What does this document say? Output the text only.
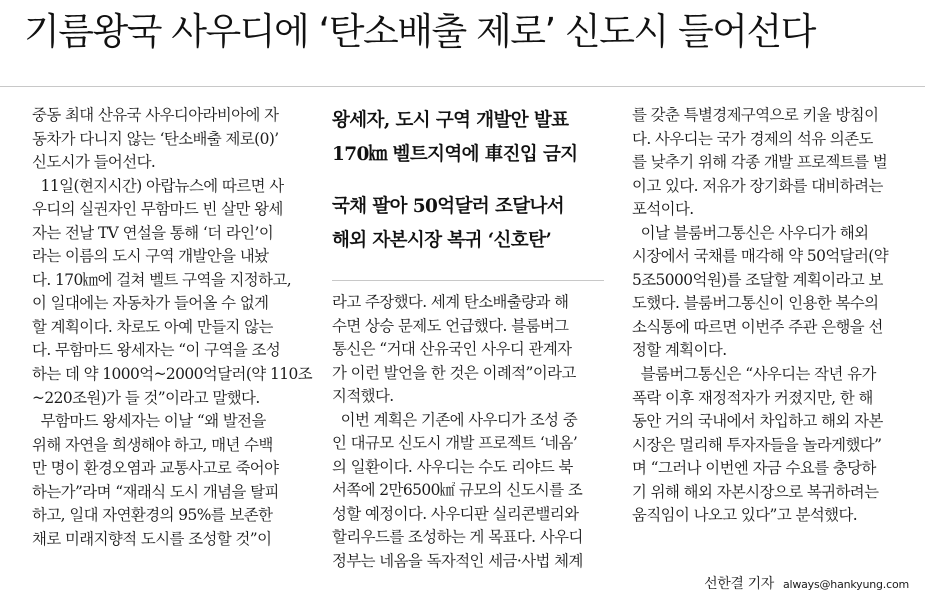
기름왕국 사우디에 ‘탄소배출 제로’ 신도시 들어선다
중동 최대 산유국 사우디아라비아에 자
동차가 다니지 않는 ‘탄소배출 제로(0)’
신도시가 들어선다.
11일(현지시간) 아랍뉴스에 따르면 사
우디의 실권자인 무함마드 빈 살만 왕세
자는 전날 TV 연설을 통해 ‘더 라인’이
라는 이름의 도시 구역 개발안을 내놨
다. 170㎞에 걸쳐 벨트 구역을 지정하고,
이 일대에는 자동차가 들어올 수 없게
할 계획이다. 차로도 아예 만들지 않는
다. 무함마드 왕세자는 “이 구역을 조성
하는 데 약 1000억~2000억달러(약 110조
~220조원)가 들 것”이라고 말했다.
무함마드 왕세자는 이날 “왜 발전을
위해 자연을 희생해야 하고, 매년 수백
만 명이 환경오염과 교통사고로 죽어야
하는가”라며 “재래식 도시 개념을 탈피
하고, 일대 자연환경의 95%를 보존한
채로 미래지향적 도시를 조성할 것”이
왕세자, 도시 구역 개발안 발표
170㎞ 벨트지역에 車진입 금지
국채 팔아 50억달러 조달나서
해외 자본시장 복귀 ‘신호탄’
라고 주장했다. 세계 탄소배출량과 해
수면 상승 문제도 언급했다. 블룸버그
통신은 “거대 산유국인 사우디 관계자
가 이런 발언을 한 것은 이례적”이라고
지적했다.
이번 계획은 기존에 사우디가 조성 중
인 대규모 신도시 개발 프로젝트 ‘네옴’
의 일환이다. 사우디는 수도 리야드 북
서쪽에 2만6500㎢ 규모의 신도시를 조
성할 예정이다. 사우디판 실리콘밸리와
할리우드를 조성하는 게 목표다. 사우디
정부는 네옴을 독자적인 세금·사법 체계
를 갖춘 특별경제구역으로 키울 방침이
다. 사우디는 국가 경제의 석유 의존도
를 낮추기 위해 각종 개발 프로젝트를 벌
이고 있다. 저유가 장기화를 대비하려는
포석이다.
이날 블룸버그통신은 사우디가 해외
시장에서 국채를 매각해 약 50억달러(약
5조5000억원)를 조달할 계획이라고 보
도했다. 블룸버그통신이 인용한 복수의
소식통에 따르면 이번주 주관 은행을 선
정할 계획이다.
블룸버그통신은 “사우디는 작년 유가
폭락 이후 재정적자가 커졌지만, 한 해
동안 거의 국내에서 차입하고 해외 자본
시장은 멀리해 투자자들을 놀라게했다”
며 “그러나 이번엔 자금 수요를 충당하
기 위해 해외 자본시장으로 복귀하려는
움직임이 나오고 있다”고 분석했다.
선한결 기자 always@hankyung.com
